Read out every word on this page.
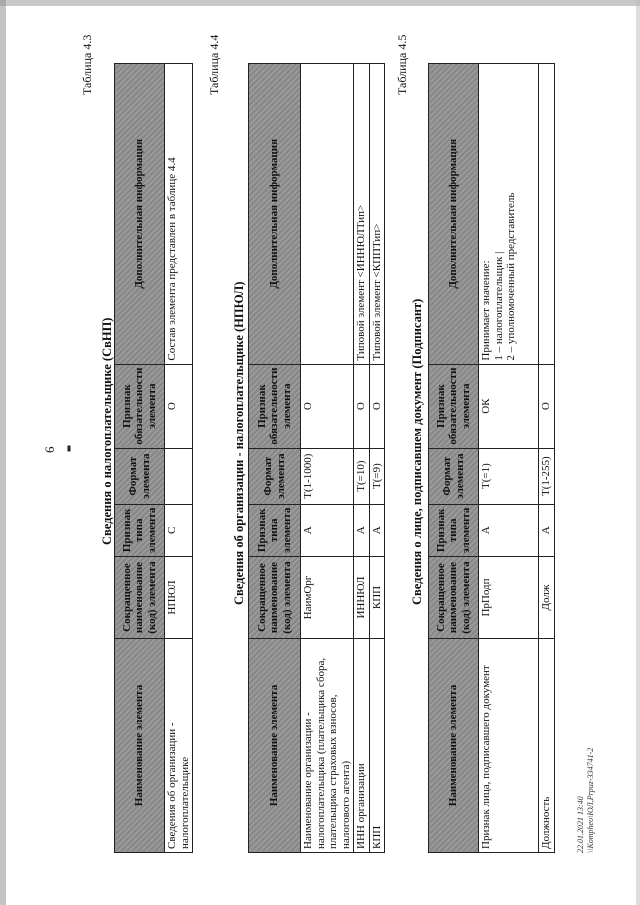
22.01.2021 13:40 \\Kompheo\ЮЛ,Prpuz-334741-2
6
Таблица 4.3
Сведения о налогоплательщике (СвНП)
Наименование элемента	Сокращенное наименование (код) элемента	Признак типа элемента	Формат элемента	Признак обязательности элемента	Дополнительная информация
Сведения об организации - налогоплательщике	НПЮЛ	С		О	Состав элемента представлен в таблице 4.4
Таблица 4.4
Сведения об организации - налогоплательщике (НПЮЛ)
Наименование элемента	Сокращенное наименование (код) элемента	Признак типа элемента	Формат элемента	Признак обязательности элемента	Дополнительная информация
Наименование организации - налогоплательщика (плательщика сбора, плательщика страховых взносов, налогового агента)	НаимОрг	А	Т(1-1000)	О	
ИНН организации	ИННЮЛ	А	Т(=10)	О	Типовой элемент <ИННЮЛТип>
КПП	КПП	А	Т(=9)	О	Типовой элемент <КППТип>
Таблица 4.5
Сведения о лице, подписавшем документ (Подписант)
Наименование элемента	Сокращенное наименование (код) элемента	Признак типа элемента	Формат элемента	Признак обязательности элемента	Дополнительная информация
Признак лица, подписавшего документ	ПрПодп	А	Т(=1)	ОК	Принимает значение:
1 – налогоплательщик |
2 – уполномоченный представитель
Должность	Долж	А	Т(1-255)	О	
